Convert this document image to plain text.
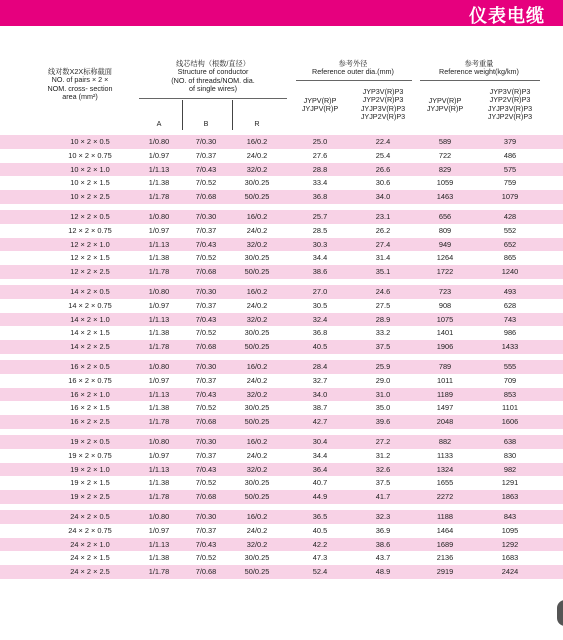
仪表电缆
线对数X2X标称截面
NO. of pairs × 2 ×
NOM. cross- section
area (mm²)
线芯结构（根数/直径）
Structure of conductor
(NO. of threads/NOM. dia.
of single wires)
A	B	R
参考外径
Reference outer dia.(mm)
JYPV(R)P
JYJPV(R)P
JYP3V(R)P3
JYP2V(R)P3
JYJP3V(R)P3
JYJP2V(R)P3
参考重量
Reference weight(kg/km)
JYPV(R)P
JYJPV(R)P
JYP3V(R)P3
JYP2V(R)P3
JYJP3V(R)P3
JYJP2V(R)P3
10 × 2 × 0.5	1/0.80	7/0.30	16/0.2	25.0	22.4	589	379
10 × 2 × 0.75	1/0.97	7/0.37	24/0.2	27.6	25.4	722	486
10 × 2 × 1.0	1/1.13	7/0.43	32/0.2	28.8	26.6	829	575
10 × 2 × 1.5	1/1.38	7/0.52	30/0.25	33.4	30.6	1059	759
10 × 2 × 2.5	1/1.78	7/0.68	50/0.25	36.8	34.0	1463	1079
12 × 2 × 0.5	1/0.80	7/0.30	16/0.2	25.7	23.1	656	428
12 × 2 × 0.75	1/0.97	7/0.37	24/0.2	28.5	26.2	809	552
12 × 2 × 1.0	1/1.13	7/0.43	32/0.2	30.3	27.4	949	652
12 × 2 × 1.5	1/1.38	7/0.52	30/0.25	34.4	31.4	1264	865
12 × 2 × 2.5	1/1.78	7/0.68	50/0.25	38.6	35.1	1722	1240
14 × 2 × 0.5	1/0.80	7/0.30	16/0.2	27.0	24.6	723	493
14 × 2 × 0.75	1/0.97	7/0.37	24/0.2	30.5	27.5	908	628
14 × 2 × 1.0	1/1.13	7/0.43	32/0.2	32.4	28.9	1075	743
14 × 2 × 1.5	1/1.38	7/0.52	30/0.25	36.8	33.2	1401	986
14 × 2 × 2.5	1/1.78	7/0.68	50/0.25	40.5	37.5	1906	1433
16 × 2 × 0.5	1/0.80	7/0.30	16/0.2	28.4	25.9	789	555
16 × 2 × 0.75	1/0.97	7/0.37	24/0.2	32.7	29.0	1011	709
16 × 2 × 1.0	1/1.13	7/0.43	32/0.2	34.0	31.0	1189	853
16 × 2 × 1.5	1/1.38	7/0.52	30/0.25	38.7	35.0	1497	1101
16 × 2 × 2.5	1/1.78	7/0.68	50/0.25	42.7	39.6	2048	1606
19 × 2 × 0.5	1/0.80	7/0.30	16/0.2	30.4	27.2	882	638
19 × 2 × 0.75	1/0.97	7/0.37	24/0.2	34.4	31.2	1133	830
19 × 2 × 1.0	1/1.13	7/0.43	32/0.2	36.4	32.6	1324	982
19 × 2 × 1.5	1/1.38	7/0.52	30/0.25	40.7	37.5	1655	1291
19 × 2 × 2.5	1/1.78	7/0.68	50/0.25	44.9	41.7	2272	1863
24 × 2 × 0.5	1/0.80	7/0.30	16/0.2	36.5	32.3	1188	843
24 × 2 × 0.75	1/0.97	7/0.37	24/0.2	40.5	36.9	1464	1095
24 × 2 × 1.0	1/1.13	7/0.43	32/0.2	42.2	38.6	1689	1292
24 × 2 × 1.5	1/1.38	7/0.52	30/0.25	47.3	43.7	2136	1683
24 × 2 × 2.5	1/1.78	7/0.68	50/0.25	52.4	48.9	2919	2424
